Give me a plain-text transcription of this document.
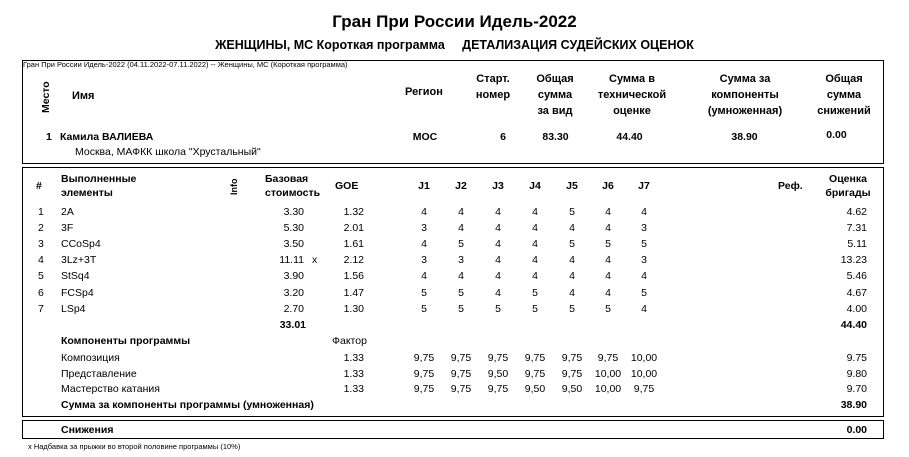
Гран При России Идель-2022
ЖЕНЩИНЫ, МС Короткая программа     ДЕТАЛИЗАЦИЯ СУДЕЙСКИХ ОЦЕНОК
Гран При России Идель-2022 (04.11.2022-07.11.2022) -- Женщины, МС (Короткая программа)
Место Имя	Регион
Старт.
номер
Общая
сумма
за вид
Сумма в
технической
оценке
Сумма за
компоненты
(умноженная)
Общая
сумма
снижений
1 Камила ВАЛИЕВА
Москва, МАФКК школа "Хрустальный"
МОС	6	83.30	44.40	38.90	0.00
#
Выполненные
элементы	Info Базовая
стоимость
GOE	J1	J2	J3	J4	J5	J6	J7	Реф.
Оценка
бригады
1 2A	3.30	1.32	4	4	4	4	5	4	4	4.62
2 3F	5.30	2.01	3	4	4	4	4	4	3	7.31
3 CCoSp4	3.50	1.61	4	5	4	4	5	5	5	5.11
4 3Lz+3T	11.11 x	2.12	3	3	4	4	4	4	3	13.23
5 StSq4	3.90	1.56	4	4	4	4	4	4	4	5.46
6 FCSp4	3.20	1.47	5	5	4	5	4	4	5	4.67
7 LSp4	2.70	1.30	5	5	5	5	5	5	4	4.00
33.01	44.40
Компоненты программы	Фактор
Композиция	1.33	9,75	9,75	9,75	9,75	9,75	9,75	10,00	9.75
Представление	1.33	9,75	9,75	9,50	9,75	9,75	10,00 10,00	9.80
Мастерство катания	1.33	9,75	9,75	9,75	9,50	9,50	10,00	9,75	9.70
Сумма за компоненты программы (умноженная)	38.90
Снижения	0.00
x Надбавка за прыжки во второй половине программы (10%)
